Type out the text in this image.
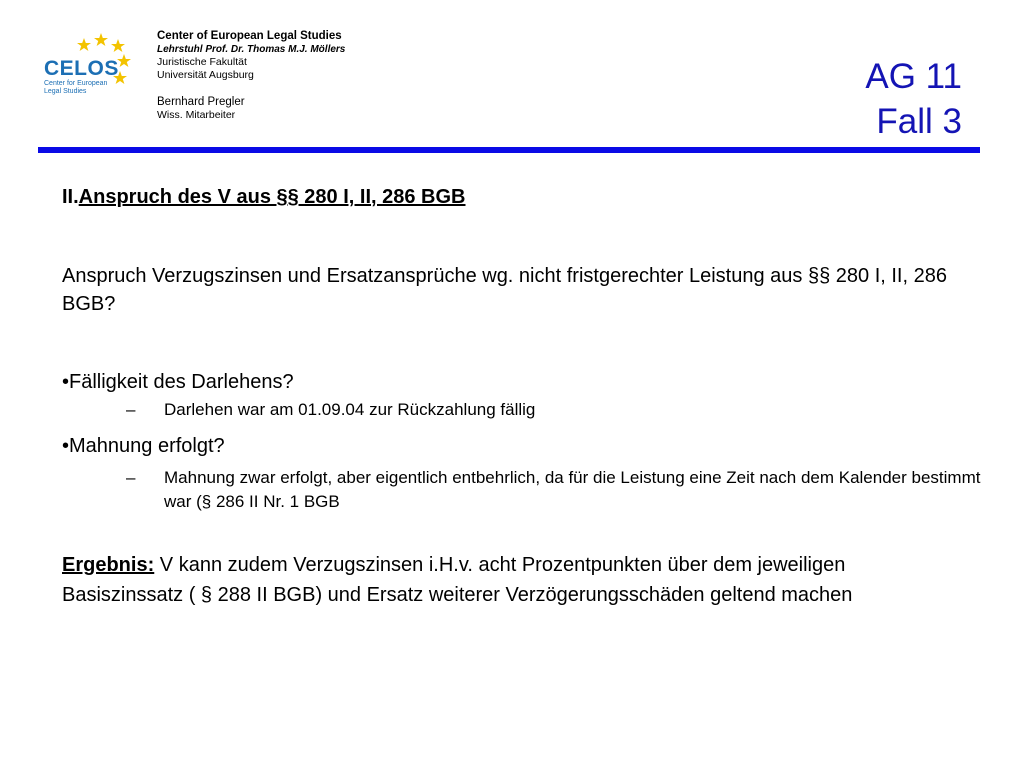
CELOS
Center for European
Legal Studies
Center of European Legal Studies
Lehrstuhl Prof. Dr. Thomas M.J. Möllers
Juristische Fakultät
Universität Augsburg
Bernhard Pregler
Wiss. Mitarbeiter
AG 11
Fall 3

II.Anspruch des V aus §§ 280 I, II, 286 BGB

Anspruch Verzugszinsen und Ersatzansprüche wg. nicht fristgerechter Leistung aus §§ 280 I, II, 286 BGB?

•Fälligkeit des Darlehens?

– Darlehen war am 01.09.04 zur Rückzahlung fällig

•Mahnung erfolgt?

– Mahnung zwar erfolgt, aber eigentlich entbehrlich, da für die Leistung eine Zeit nach dem Kalender bestimmt war (§ 286 II Nr. 1 BGB

Ergebnis: V kann zudem Verzugszinsen i.H.v. acht Prozentpunkten über dem jeweiligen Basiszinssatz ( § 288 II BGB) und Ersatz weiterer Verzögerungsschäden geltend machen
